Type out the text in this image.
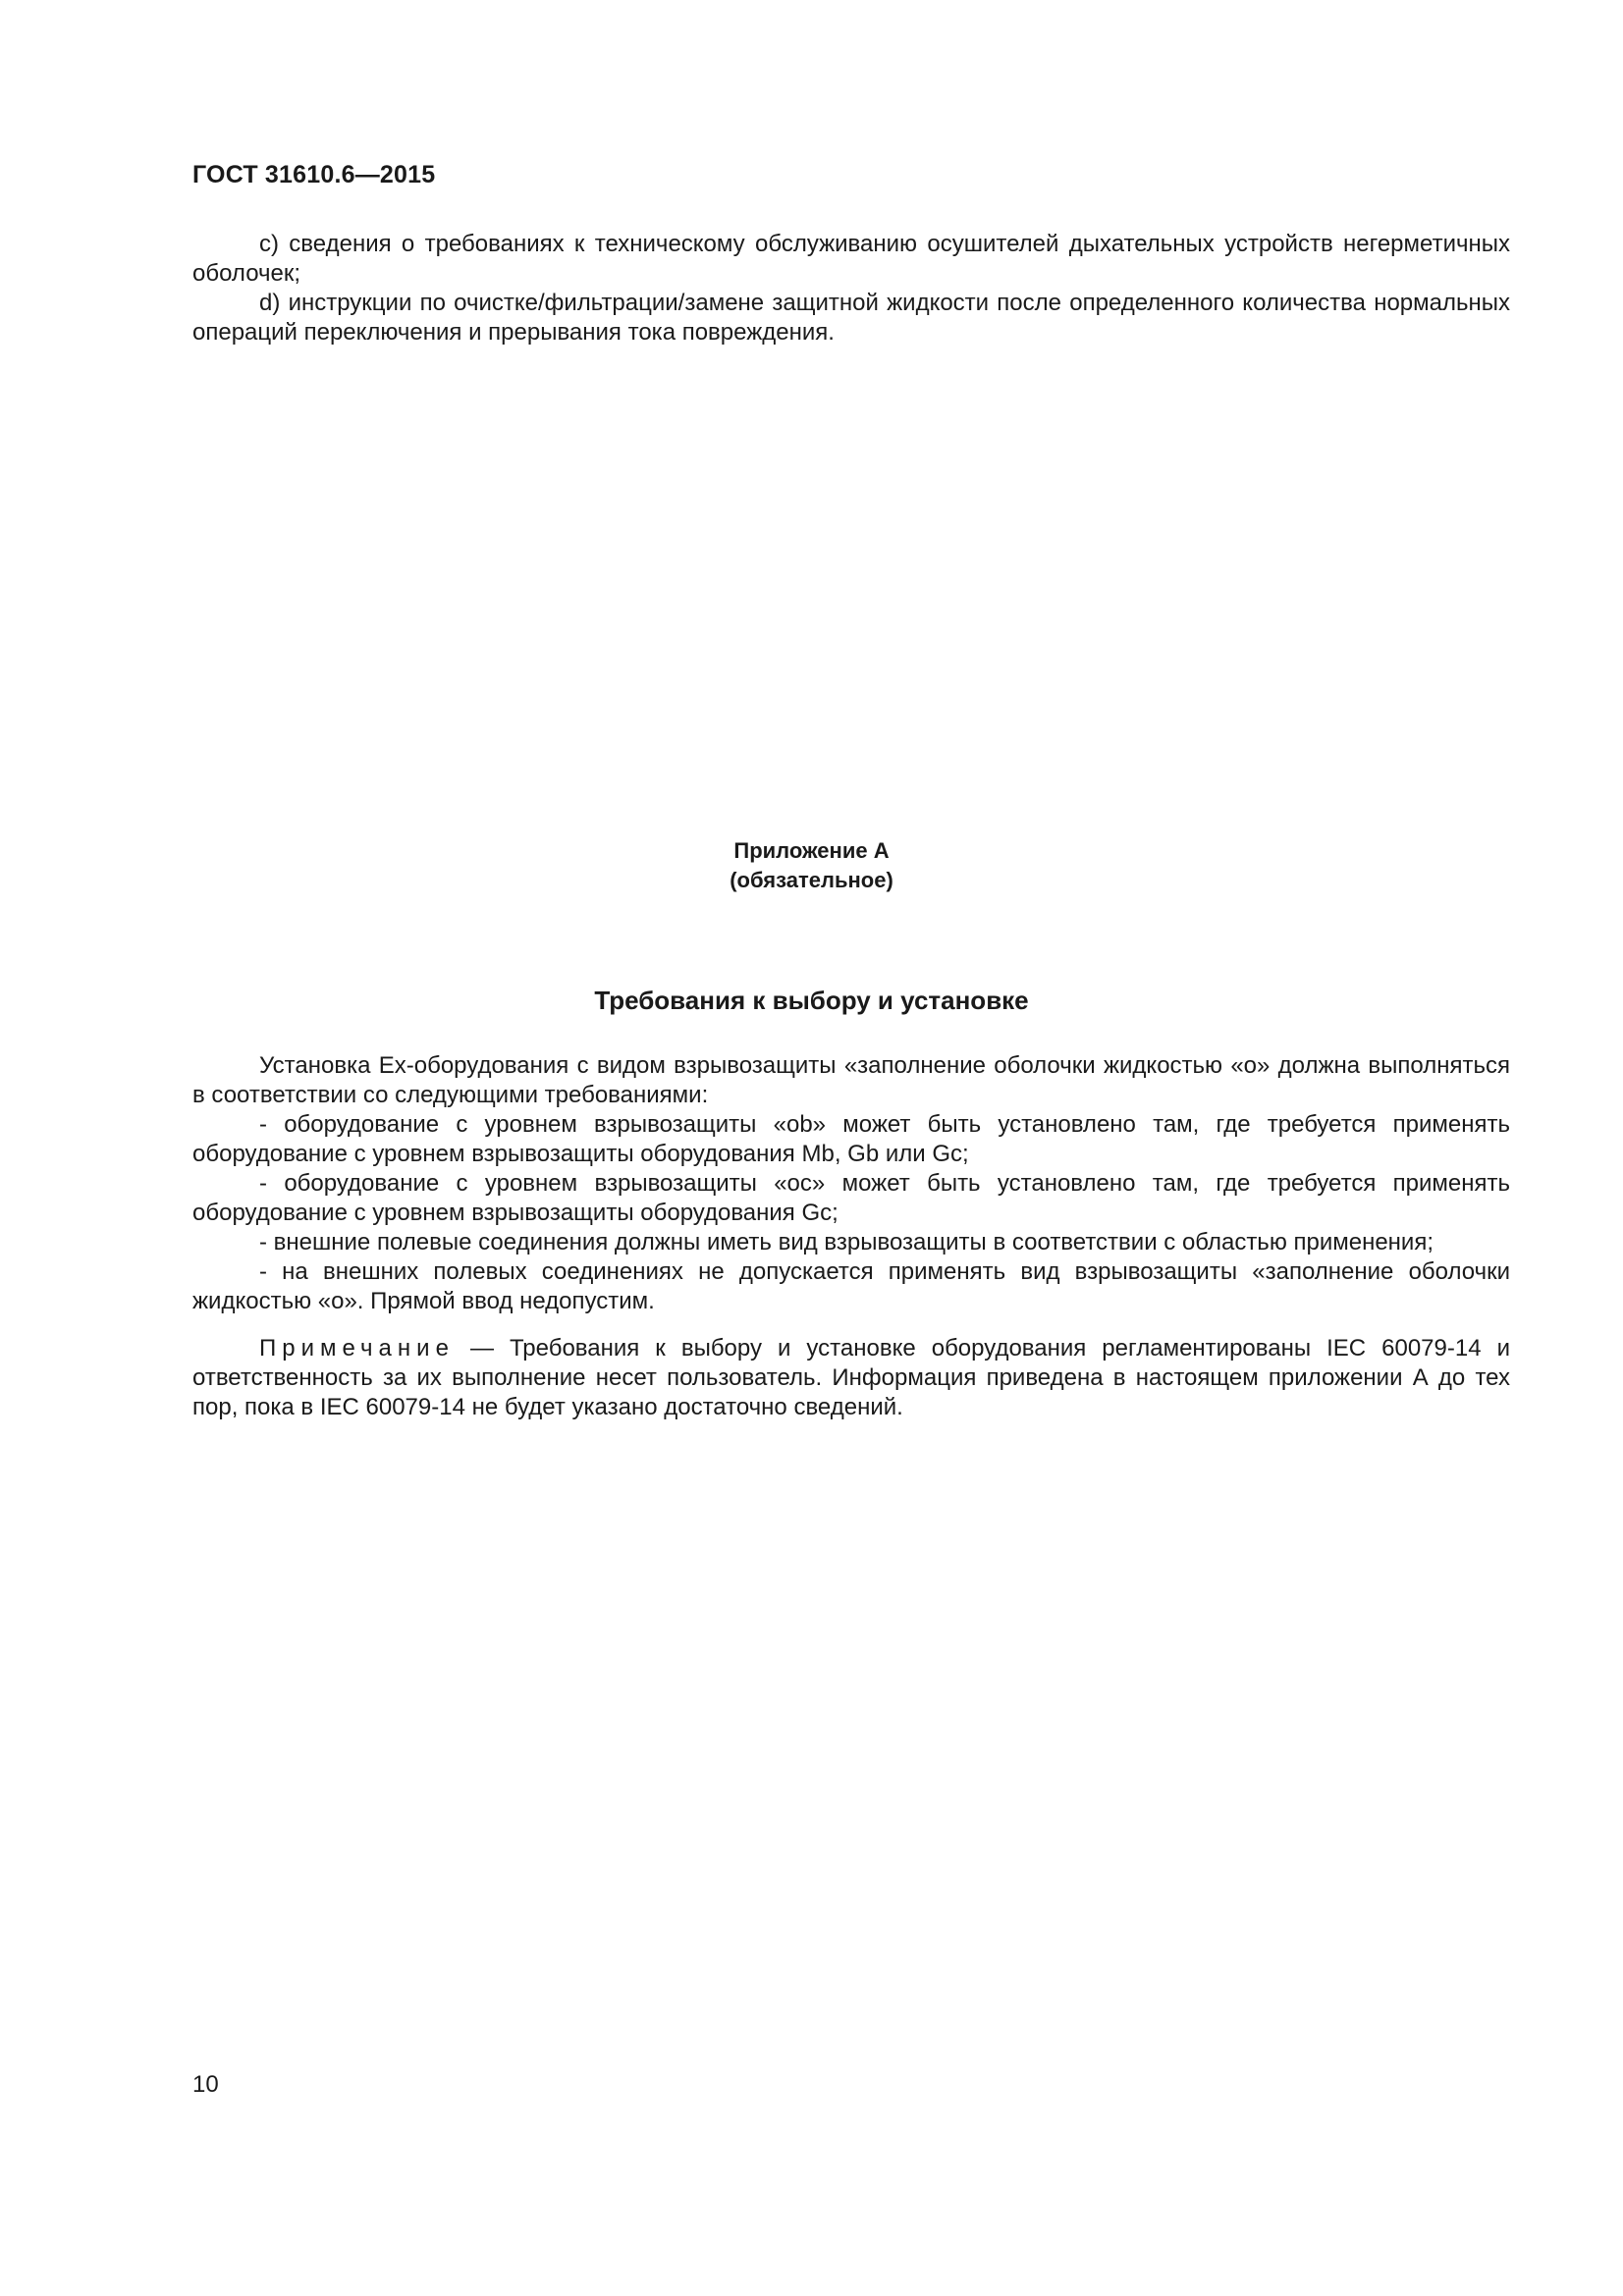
ГОСТ 31610.6—2015

c) сведения о требованиях к техническому обслуживанию осушителей дыхательных устройств негерметичных оболочек;

d) инструкции по очистке/фильтрации/замене защитной жидкости после определенного количества нормальных операций переключения и прерывания тока повреждения.

Приложение А
(обязательное)
Требования к выбору и установке

Установка Ex-оборудования с видом взрывозащиты «заполнение оболочки жидкостью «о» должна выполняться в соответствии со следующими требованиями:

- оборудование с уровнем взрывозащиты «ob» может быть установлено там, где требуется применять оборудование с уровнем взрывозащиты оборудования Mb, Gb или Gc;

- оборудование с уровнем взрывозащиты «oc» может быть установлено там, где требуется применять оборудование с уровнем взрывозащиты оборудования Gc;

- внешние полевые соединения должны иметь вид взрывозащиты в соответствии с областью применения;

- на внешних полевых соединениях не допускается применять вид взрывозащиты «заполнение оболочки жидкостью «о». Прямой ввод недопустим.

Примечание — Требования к выбору и установке оборудования регламентированы IEC 60079-14 и ответственность за их выполнение несет пользователь. Информация приведена в настоящем приложении А до тех пор, пока в IEC 60079-14 не будет указано достаточно сведений.

10
